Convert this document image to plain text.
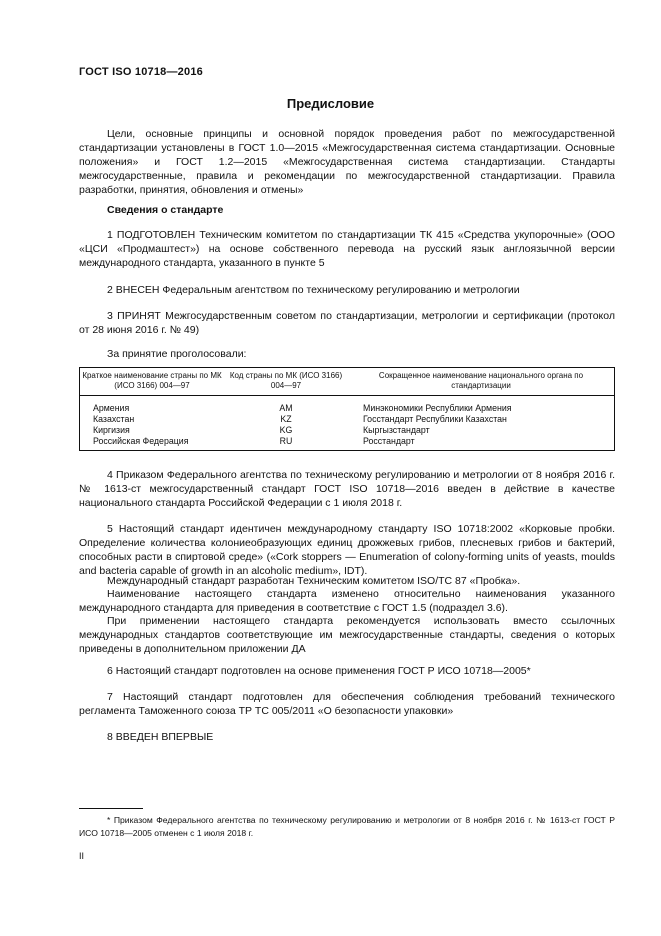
ГОСТ ISO 10718—2016
Предисловие
Цели, основные принципы и основной порядок проведения работ по межгосударственной стандартизации установлены в ГОСТ 1.0—2015 «Межгосударственная система стандартизации. Основные положения» и ГОСТ 1.2—2015 «Межгосударственная система стандартизации. Стандарты межгосударственные, правила и рекомендации по межгосударственной стандартизации. Правила разработки, принятия, обновления и отмены»
Сведения о стандарте
1 ПОДГОТОВЛЕН Техническим комитетом по стандартизации ТК 415 «Средства укупорочные» (ООО «ЦСИ «Продмаштест») на основе собственного перевода на русский язык англоязычной версии международного стандарта, указанного в пункте 5
2 ВНЕСЕН Федеральным агентством по техническому регулированию и метрологии
3 ПРИНЯТ Межгосударственным советом по стандартизации, метрологии и сертификации (протокол от 28 июня 2016 г. № 49)
За принятие проголосовали:
Краткое наименование страны по МК (ИСО 3166) 004—97	Код страны по МК (ИСО 3166) 004—97	Сокращенное наименование национального органа по стандартизации
Армения	AM	Минэкономики Республики Армения
Казахстан	KZ	Госстандарт Республики Казахстан
Киргизия	KG	Кыргызстандарт
Российская Федерация	RU	Росстандарт
4 Приказом Федерального агентства по техническому регулированию и метрологии от 8 ноября 2016 г. № 1613-ст межгосударственный стандарт ГОСТ ISO 10718—2016 введен в действие в качестве национального стандарта Российской Федерации с 1 июля 2018 г.
5 Настоящий стандарт идентичен международному стандарту ISO 10718:2002 «Корковые пробки. Определение количества колониеобразующих единиц дрожжевых грибов, плесневых грибов и бактерий, способных расти в спиртовой среде» («Cork stoppers — Enumeration of colony-forming units of yeasts, moulds and bacteria capable of growth in an alcoholic medium», IDT).
Международный стандарт разработан Техническим комитетом ISO/TC 87 «Пробка».
Наименование настоящего стандарта изменено относительно наименования указанного международного стандарта для приведения в соответствие с ГОСТ 1.5 (подраздел 3.6).
При применении настоящего стандарта рекомендуется использовать вместо ссылочных международных стандартов соответствующие им межгосударственные стандарты, сведения о которых приведены в дополнительном приложении ДА
6 Настоящий стандарт подготовлен на основе применения ГОСТ Р ИСО 10718—2005*
7 Настоящий стандарт подготовлен для обеспечения соблюдения требований технического регламента Таможенного союза ТР ТС 005/2011 «О безопасности упаковки»
8 ВВЕДЕН ВПЕРВЫЕ
* Приказом Федерального агентства по техническому регулированию и метрологии от 8 ноября 2016 г. № 1613-ст ГОСТ Р ИСО 10718—2005 отменен с 1 июля 2018 г.
II
